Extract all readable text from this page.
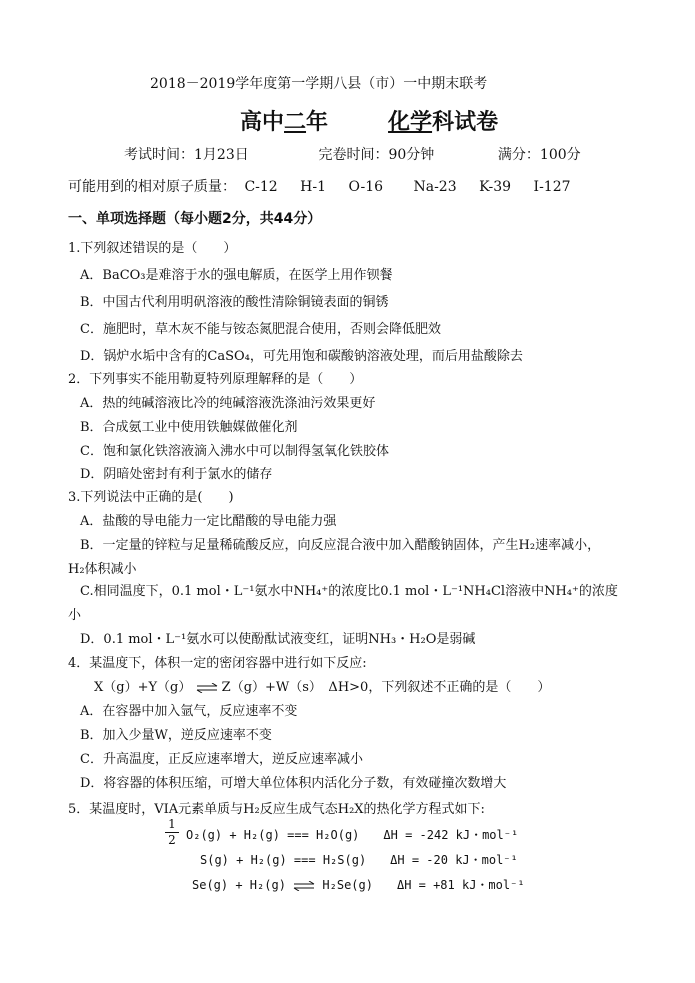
2018－2019学年度第一学期八县（市）一中期末联考
高中二年	化学科试卷
考试时间：1月23日	完卷时间：90分钟	满分：100分
可能用到的相对原子质量： C-12 H-1 O-16 Na-23 K-39 I-127
一、单项选择题（每小题2分，共44分）
1.下列叙述错误的是（　　）
A．BaCO₃是难溶于水的强电解质，在医学上用作钡餐
B．中国古代利用明矾溶液的酸性清除铜镜表面的铜锈
C．施肥时，草木灰不能与铵态氮肥混合使用，否则会降低肥效
D．锅炉水垢中含有的CaSO₄，可先用饱和碳酸钠溶液处理，而后用盐酸除去
2．下列事实不能用勒夏特列原理解释的是（　　）
A．热的纯碱溶液比冷的纯碱溶液洗涤油污效果更好
B．合成氨工业中使用铁触媒做催化剂
C．饱和氯化铁溶液滴入沸水中可以制得氢氧化铁胶体
D．阴暗处密封有利于氯水的储存
3.下列说法中正确的是(　　)
A．盐酸的导电能力一定比醋酸的导电能力强
B．一定量的锌粒与足量稀硫酸反应，向反应混合液中加入醋酸钠固体，产生H₂速率减小，
H₂体积减小
C.相同温度下，0.1 mol・L⁻¹氨水中NH₄⁺的浓度比0.1 mol・L⁻¹NH₄Cl溶液中NH₄⁺的浓度
小
D．0.1 mol・L⁻¹氨水可以使酚酞试液变红，证明NH₃・H₂O是弱碱
4．某温度下，体积一定的密闭容器中进行如下反应:
X（g）+Y（g） ⇌ Z（g）+W（s）　ΔH>0，下列叙述不正确的是（　　）
A．在容器中加入氩气，反应速率不变
B．加入少量W，逆反应速率不变
C．升高温度，正反应速率增大，逆反应速率减小
D．将容器的体积压缩，可增大单位体积内活化分子数，有效碰撞次数增大
5．某温度时，VIA元素单质与H₂反应生成气态H₂X的热化学方程式如下:
1
2 O₂(g) + H₂(g) === H₂O(g)　　ΔH = -242 kJ・mol⁻¹
S(g) + H₂(g) === H₂S(g)　　ΔH = -20 kJ・mol⁻¹
Se(g) + H₂(g) ⇌ H₂Se(g)　　ΔH = +81 kJ・mol⁻¹
